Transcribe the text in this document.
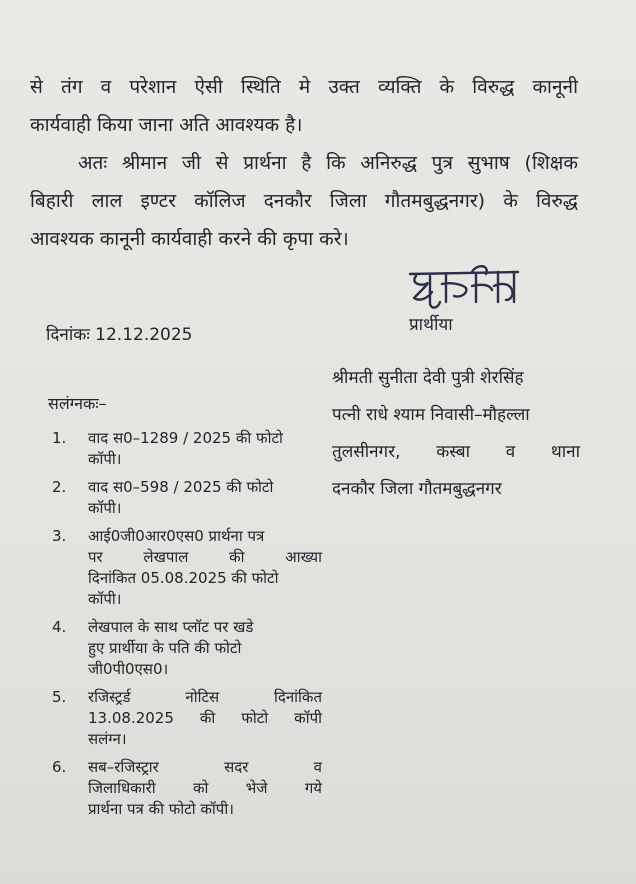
से तंग व परेशान ऐसी स्थिति मे उक्त व्यक्ति के विरुद्ध कानूनी
कार्यवाही किया जाना अति आवश्यक है।
अतः श्रीमान जी से प्रार्थना है कि अनिरुद्ध पुत्र सुभाष (शिक्षक
बिहारी लाल इण्टर कॉलिज दनकौर जिला गौतमबुद्धनगर) के विरुद्ध
आवश्यक कानूनी कार्यवाही करने की कृपा करे।
प्रार्थीया
दिनांकः 12.12.2025
श्रीमती सुनीता देवी पुत्री शेरसिंह
पत्नी राधे श्याम निवासी–मौहल्ला
तुलसीनगर, कस्बा व थाना
दनकौर जिला गौतमबुद्धनगर
सलंग्नकः–
1. वाद स0–1289 / 2025 की फोटो
कॉपी।
2. वाद स0–598 / 2025 की फोटो
कॉपी।
3. आई0जी0आर0एस0 प्रार्थना पत्र
पर लेखपाल की आख्या
दिनांकित 05.08.2025 की फोटो
कॉपी।
4. लेखपाल के साथ प्लॉट पर खडे
हुए प्रार्थीया के पति की फोटो
जी0पी0एस0।
5. रजिस्ट्रर्ड नोटिस दिनांकित
13.08.2025 की फोटो कॉपी
सलंग्न।
6. सब–रजिस्ट्रार सदर व
जिलाधिकारी को भेजे गये
प्रार्थना पत्र की फोटो कॉपी।
